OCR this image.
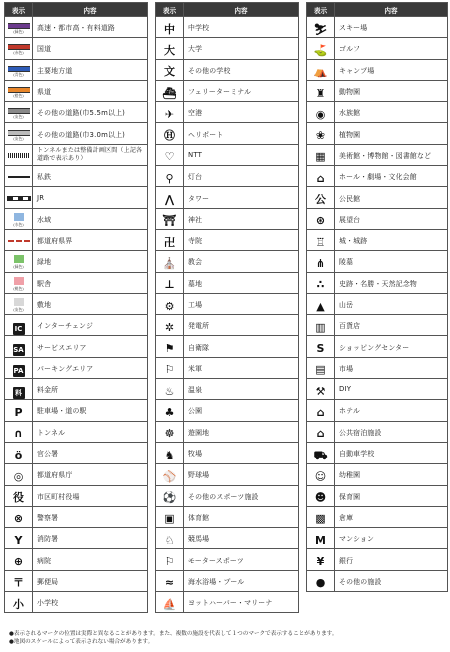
表示	内容

(緑色)	高速・都市高・有料道路

(赤色)	国道

(青色)	主要地方道

(橙色)	県道

(灰色)	その他の道路(巾5.5m以上)

(灰色)	その他の道路(巾3.0m以上)
	トンネルまたは整備計画区間（上記各道路で表示あり）
	私鉄
	JR

(水色)	水域
	都道府県界

(緑色)	緑地

(桃色)	駅舎

(灰色)	敷地
IC	インターチェンジ
SA	サービスエリア
PA	パーキングエリア
料	料金所
P	駐車場・道の駅
∩	トンネル
ö	官公署
◎	都道府県庁
役	市区町村役場
⊗	警察署
Y	消防署
⊕	病院
〒	郵便局
小	小学校
表示	内容
中	中学校
大	大学
文	その他の学校
⛴	フェリーターミナル
✈	空港
Ⓗ	ヘリポート
♡	NTT
⚲	灯台
⋀	タワー
⛩	神社
卍	寺院
⛪	教会
⊥	墓地
⚙	工場
✲	発電所
⚑	自衛隊
⚐	米軍
♨	温泉
♣	公園
☸	遊園地
♞	牧場
⚾	野球場
⚽	その他のスポーツ施設
▣	体育館
♘	競馬場
⚐	モータースポーツ
≈	海水浴場・プール
⛵	ヨットハーバー・マリーナ
表示	内容
⛷	スキー場
⛳	ゴルフ
⛺	キャンプ場
♜	動物園
◉	水族館
❀	植物園
▦	美術館・博物館・図書館など
⌂	ホール・劇場・文化会館
公	公民館
⊛	展望台
♖	城・城跡
⋔	陵墓
∴	史跡・名勝・天然記念物
▲	山岳
▥	百貨店
S	ショッピングセンター
▤	市場
⚒	DIY
⌂	ホテル
⌂	公共宿泊施設
⛟	自動車学校
☺	幼稚園
☻	保育園
▩	倉庫
M	マンション
¥	銀行
●	その他の施設
●表示されるマークの位置は実際と異なることがあります。また、複数の施設を代表して１つのマークで表示することがあります。
●地図のスケールによって表示されない場合があります。
